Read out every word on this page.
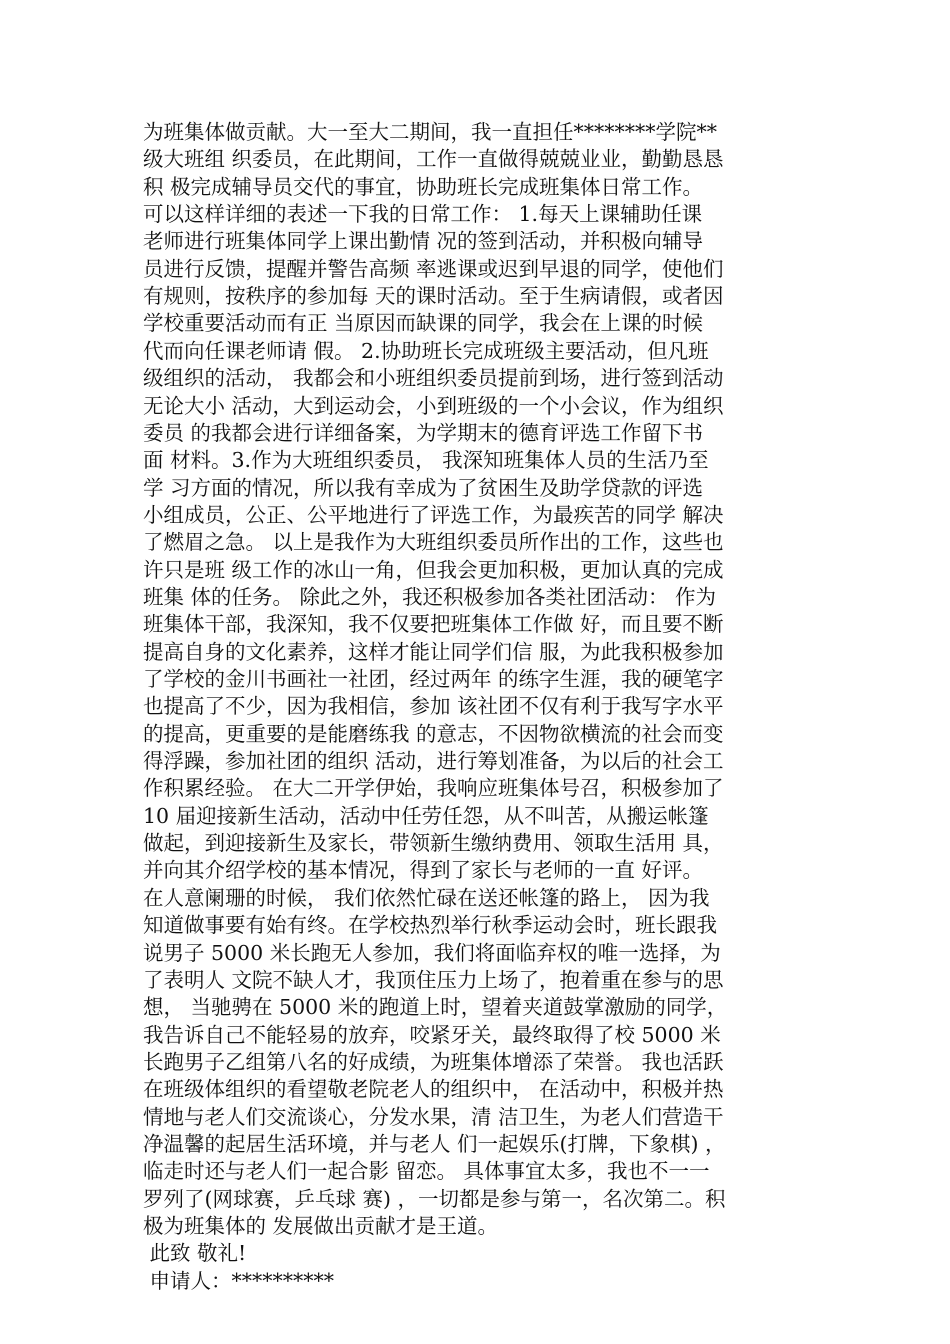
为班集体做贡献。大一至大二期间，我一直担任********学院**
级大班组 织委员，在此期间，工作一直做得兢兢业业，勤勤恳恳
积 极完成辅导员交代的事宜，协助班长完成班集体日常工作。
可以这样详细的表述一下我的日常工作： 1.每天上课辅助任课
老师进行班集体同学上课出勤情 况的签到活动，并积极向辅导
员进行反馈，提醒并警告高频 率逃课或迟到早退的同学，使他们
有规则，按秩序的参加每 天的课时活动。至于生病请假，或者因
学校重要活动而有正 当原因而缺课的同学，我会在上课的时候
代而向任课老师请 假。 2.协助班长完成班级主要活动，但凡班
级组织的活动， 我都会和小班组织委员提前到场，进行签到活动
无论大小 活动，大到运动会，小到班级的一个小会议，作为组织
委员 的我都会进行详细备案，为学期末的德育评选工作留下书
面 材料。3.作为大班组织委员， 我深知班集体人员的生活乃至
学 习方面的情况，所以我有幸成为了贫困生及助学贷款的评选
小组成员，公正、公平地进行了评选工作，为最疾苦的同学 解决
了燃眉之急。 以上是我作为大班组织委员所作出的工作，这些也
许只是班 级工作的冰山一角，但我会更加积极，更加认真的完成
班集 体的任务。 除此之外，我还积极参加各类社团活动： 作为
班集体干部，我深知，我不仅要把班集体工作做 好，而且要不断
提高自身的文化素养，这样才能让同学们信 服，为此我积极参加
了学校的金川书画社一社团，经过两年 的练字生涯，我的硬笔字
也提高了不少，因为我相信，参加 该社团不仅有利于我写字水平
的提高，更重要的是能磨练我 的意志，不因物欲横流的社会而变
得浮躁，参加社团的组织 活动，进行筹划准备，为以后的社会工
作积累经验。 在大二开学伊始，我响应班集体号召，积极参加了
10 届迎接新生活动，活动中任劳任怨，从不叫苦，从搬运帐篷
做起，到迎接新生及家长，带领新生缴纳费用、领取生活用 具，
并向其介绍学校的基本情况，得到了家长与老师的一直 好评。
在人意阑珊的时候， 我们依然忙碌在送还帐篷的路上， 因为我
知道做事要有始有终。在学校热烈举行秋季运动会时，班长跟我
说男子 5000 米长跑无人参加，我们将面临弃权的唯一选择，为
了表明人 文院不缺人才，我顶住压力上场了，抱着重在参与的思
想， 当驰骋在 5000 米的跑道上时，望着夹道鼓掌激励的同学，
我告诉自己不能轻易的放弃，咬紧牙关，最终取得了校 5000 米
长跑男子乙组第八名的好成绩，为班集体增添了荣誉。 我也活跃
在班级体组织的看望敬老院老人的组织中， 在活动中，积极并热
情地与老人们交流谈心，分发水果，清 洁卫生，为老人们营造干
净温馨的起居生活环境，并与老人 们一起娱乐(打牌，下象棋) ，
临走时还与老人们一起合影 留恋。 具体事宜太多，我也不一一
罗列了(网球赛，乒乓球 赛) ，一切都是参与第一，名次第二。积
极为班集体的 发展做出贡献才是王道。
此致 敬礼!
申请人：**********
